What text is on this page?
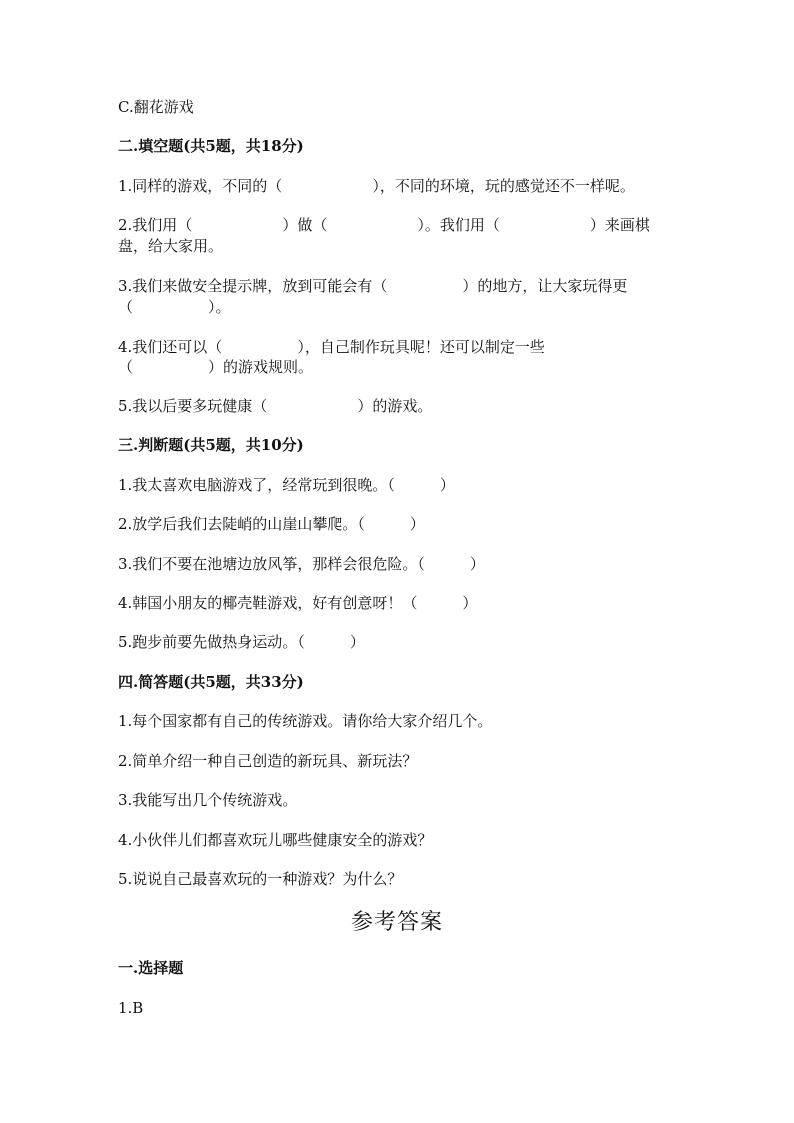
C.翻花游戏
二.填空题(共5题，共18分)
1.同样的游戏，不同的（　　　　　　），不同的环境，玩的感觉还不一样呢。
2.我们用（　　　　　　）做（　　　　　　）。我们用（　　　　　　）来画棋
盘，给大家用。
3.我们来做安全提示牌，放到可能会有（　　　　　）的地方，让大家玩得更
（　　　　　）。
4.我们还可以（　　　　　），自己制作玩具呢！还可以制定一些
（　　　　　）的游戏规则。
5.我以后要多玩健康（　　　　　　）的游戏。
三.判断题(共5题，共10分)
1.我太喜欢电脑游戏了，经常玩到很晚。（　　　）
2.放学后我们去陡峭的山崖山攀爬。（　　　）
3.我们不要在池塘边放风筝，那样会很危险。（　　　）
4.韩国小朋友的椰壳鞋游戏，好有创意呀！（　　　）
5.跑步前要先做热身运动。（　　　）
四.简答题(共5题，共33分)
1.每个国家都有自己的传统游戏。请你给大家介绍几个。
2.简单介绍一种自己创造的新玩具、新玩法？
3.我能写出几个传统游戏。
4.小伙伴儿们都喜欢玩儿哪些健康安全的游戏？
5.说说自己最喜欢玩的一种游戏？为什么？
参考答案
一.选择题
1.B
